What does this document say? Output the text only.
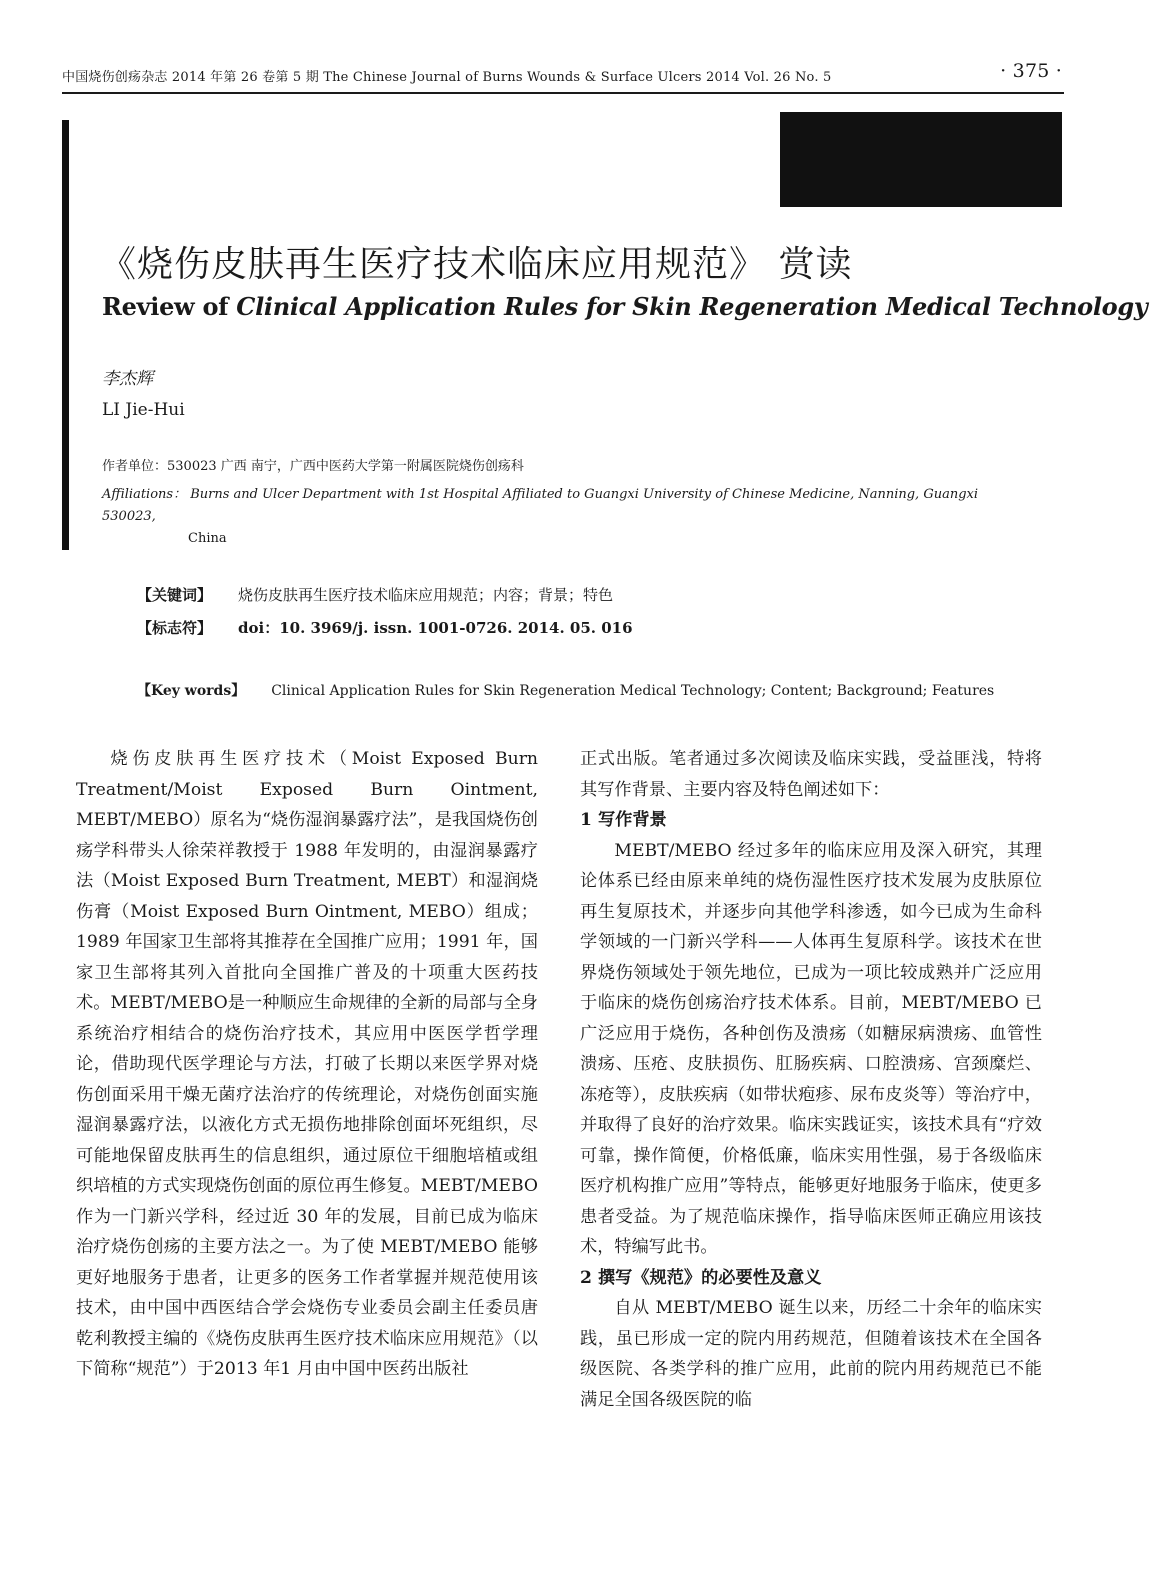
中国烧伤创疡杂志 2014 年第 26 卷第 5 期 The Chinese Journal of Burns Wounds & Surface Ulcers 2014 Vol. 26 No. 5	· 375 ·
《烧伤皮肤再生医疗技术临床应用规范》 赏读
Review of Clinical Application Rules for Skin Regeneration Medical Technology
李杰辉
LI Jie-Hui
作者单位：530023 广西 南宁，广西中医药大学第一附属医院烧伤创疡科
Affiliations： Burns and Ulcer Department with 1st Hospital Affiliated to Guangxi University of Chinese Medicine, Nanning, Guangxi 530023,
China
【关键词】 烧伤皮肤再生医疗技术临床应用规范；内容；背景；特色
【标志符】 doi：10. 3969/j. issn. 1001-0726. 2014. 05. 016
【Key words】 Clinical Application Rules for Skin Regeneration Medical Technology; Content; Background; Features

烧伤皮肤再生医疗技术（Moist Exposed Burn Treatment/Moist Exposed Burn Ointment, MEBT/MEBO）原名为“烧伤湿润暴露疗法”，是我国烧伤创疡学科带头人徐荣祥教授于 1988 年发明的，由湿润暴露疗法（Moist Exposed Burn Treatment, MEBT）和湿润烧伤膏（Moist Exposed Burn Ointment, MEBO）组成；1989 年国家卫生部将其推荐在全国推广应用；1991 年，国家卫生部将其列入首批向全国推广普及的十项重大医药技术。MEBT/MEBO是一种顺应生命规律的全新的局部与全身系统治疗相结合的烧伤治疗技术，其应用中医医学哲学理论，借助现代医学理论与方法，打破了长期以来医学界对烧伤创面采用干燥无菌疗法治疗的传统理论，对烧伤创面实施湿润暴露疗法，以液化方式无损伤地排除创面坏死组织，尽可能地保留皮肤再生的信息组织，通过原位干细胞培植或组织培植的方式实现烧伤创面的原位再生修复。MEBT/MEBO 作为一门新兴学科，经过近 30 年的发展，目前已成为临床治疗烧伤创疡的主要方法之一。为了使 MEBT/MEBO 能够更好地服务于患者，让更多的医务工作者掌握并规范使用该技术，由中国中西医结合学会烧伤专业委员会副主任委员唐乾利教授主编的《烧伤皮肤再生医疗技术临床应用规范》（以下简称“规范”）于2013 年1 月由中国中医药出版社

正式出版。笔者通过多次阅读及临床实践，受益匪浅，特将其写作背景、主要内容及特色阐述如下：

1 写作背景

MEBT/MEBO 经过多年的临床应用及深入研究，其理论体系已经由原来单纯的烧伤湿性医疗技术发展为皮肤原位再生复原技术，并逐步向其他学科渗透，如今已成为生命科学领域的一门新兴学科——人体再生复原科学。该技术在世界烧伤领域处于领先地位，已成为一项比较成熟并广泛应用于临床的烧伤创疡治疗技术体系。目前，MEBT/MEBO 已广泛应用于烧伤，各种创伤及溃疡（如糖尿病溃疡、血管性溃疡、压疮、皮肤损伤、肛肠疾病、口腔溃疡、宫颈糜烂、冻疮等），皮肤疾病（如带状疱疹、尿布皮炎等）等治疗中，并取得了良好的治疗效果。临床实践证实，该技术具有“疗效可靠，操作简便，价格低廉，临床实用性强，易于各级临床医疗机构推广应用”等特点，能够更好地服务于临床，使更多患者受益。为了规范临床操作，指导临床医师正确应用该技术，特编写此书。

2 撰写《规范》的必要性及意义

自从 MEBT/MEBO 诞生以来，历经二十余年的临床实践，虽已形成一定的院内用药规范，但随着该技术在全国各级医院、各类学科的推广应用，此前的院内用药规范已不能满足全国各级医院的临
